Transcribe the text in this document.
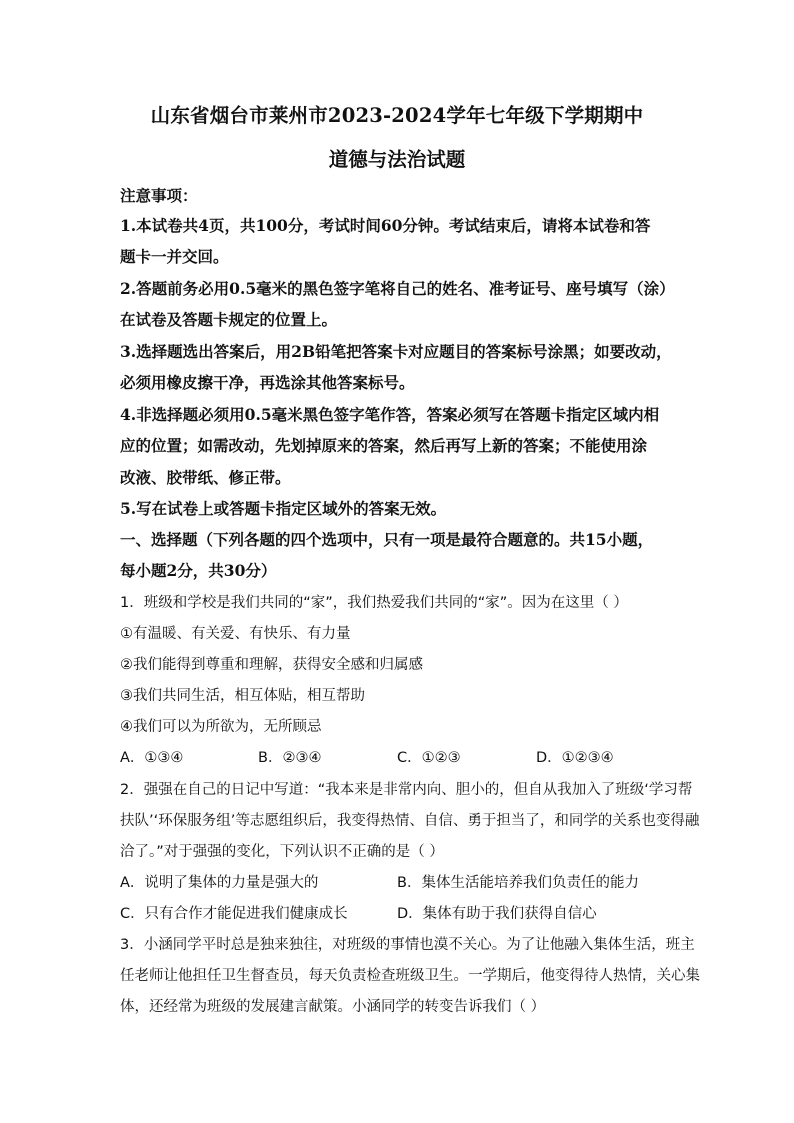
山东省烟台市莱州市2023-2024学年七年级下学期期中
道德与法治试题
注意事项：
1.本试卷共4页，共100分，考试时间60分钟。考试结束后，请将本试卷和答
题卡一并交回。
2.答题前务必用0.5毫米的黑色签字笔将自己的姓名、准考证号、座号填写（涂）
在试卷及答题卡规定的位置上。
3.选择题选出答案后，用2B铅笔把答案卡对应题目的答案标号涂黑；如要改动，
必须用橡皮擦干净，再选涂其他答案标号。
4.非选择题必须用0.5毫米黑色签字笔作答，答案必须写在答题卡指定区域内相
应的位置；如需改动，先划掉原来的答案，然后再写上新的答案；不能使用涂
改液、胶带纸、修正带。
5.写在试卷上或答题卡指定区域外的答案无效。
一、选择题（下列各题的四个选项中，只有一项是最符合题意的。共15小题，
每小题2分，共30分）
1．班级和学校是我们共同的“家”，我们热爱我们共同的“家”。因为在这里（ ）
①有温暖、有关爱、有快乐、有力量
②我们能得到尊重和理解，获得安全感和归属感
③我们共同生活，相互体贴，相互帮助
④我们可以为所欲为，无所顾忌
A．①③④	B．②③④	C．①②③	D．①②③④
2．强强在自己的日记中写道：“我本来是非常内向、胆小的，但自从我加入了班级‘学习帮
扶队’‘环保服务组’等志愿组织后，我变得热情、自信、勇于担当了，和同学的关系也变得融
洽了。”对于强强的变化，下列认识不正确的是（ ）
A．说明了集体的力量是强大的	B．集体生活能培养我们负责任的能力
C．只有合作才能促进我们健康成长	D．集体有助于我们获得自信心
3．小涵同学平时总是独来独往，对班级的事情也漠不关心。为了让他融入集体生活，班主
任老师让他担任卫生督查员，每天负责检查班级卫生。一学期后，他变得待人热情，关心集
体，还经常为班级的发展建言献策。小涵同学的转变告诉我们（ ）
